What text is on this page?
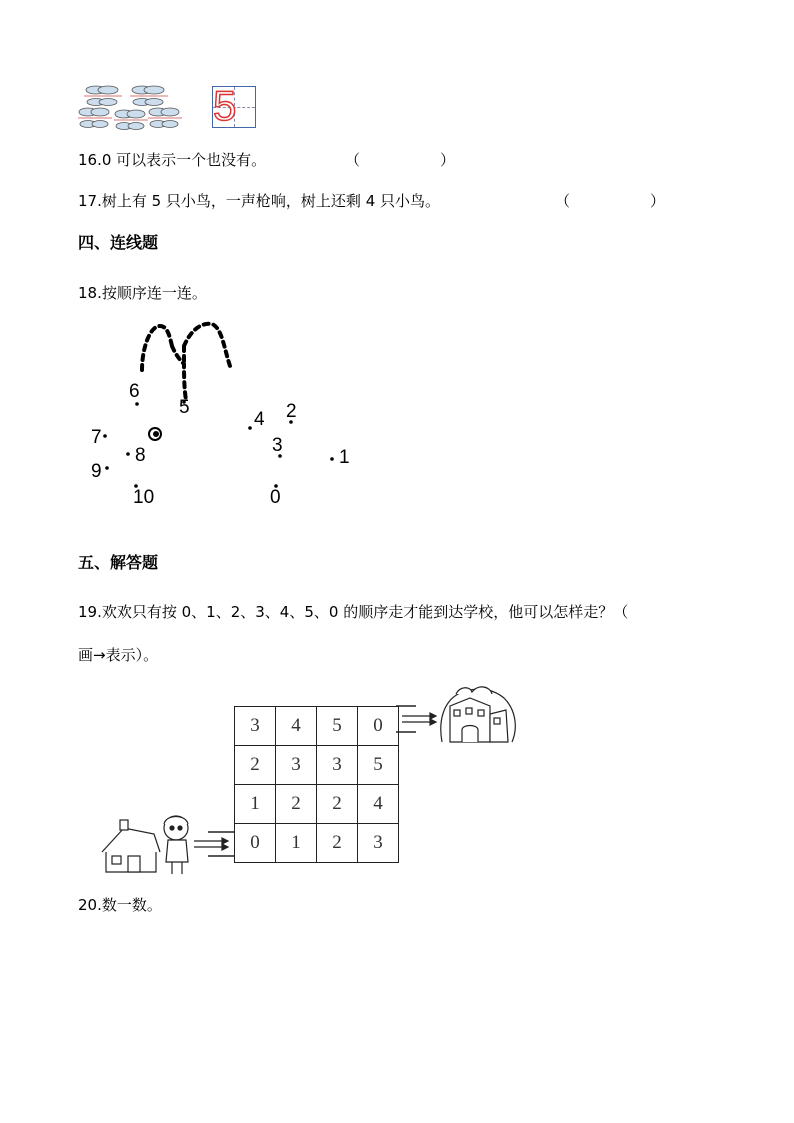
5
16.0 可以表示一个也没有。	（	）
17.树上有 5 只小鸟，一声枪响，树上还剩 4 只小鸟。	（	）
四、连线题
18.按顺序连一连。
6
5
4 2
7
8	3
1
9
10	0
五、解答题
19.欢欢只有按 0、1、2、3、4、5、0 的顺序走才能到达学校，他可以怎样走？（
画→表示）。
3	4	5	0
2	3	3	5
1	2	2	4
0	1	2	3
20.数一数。
